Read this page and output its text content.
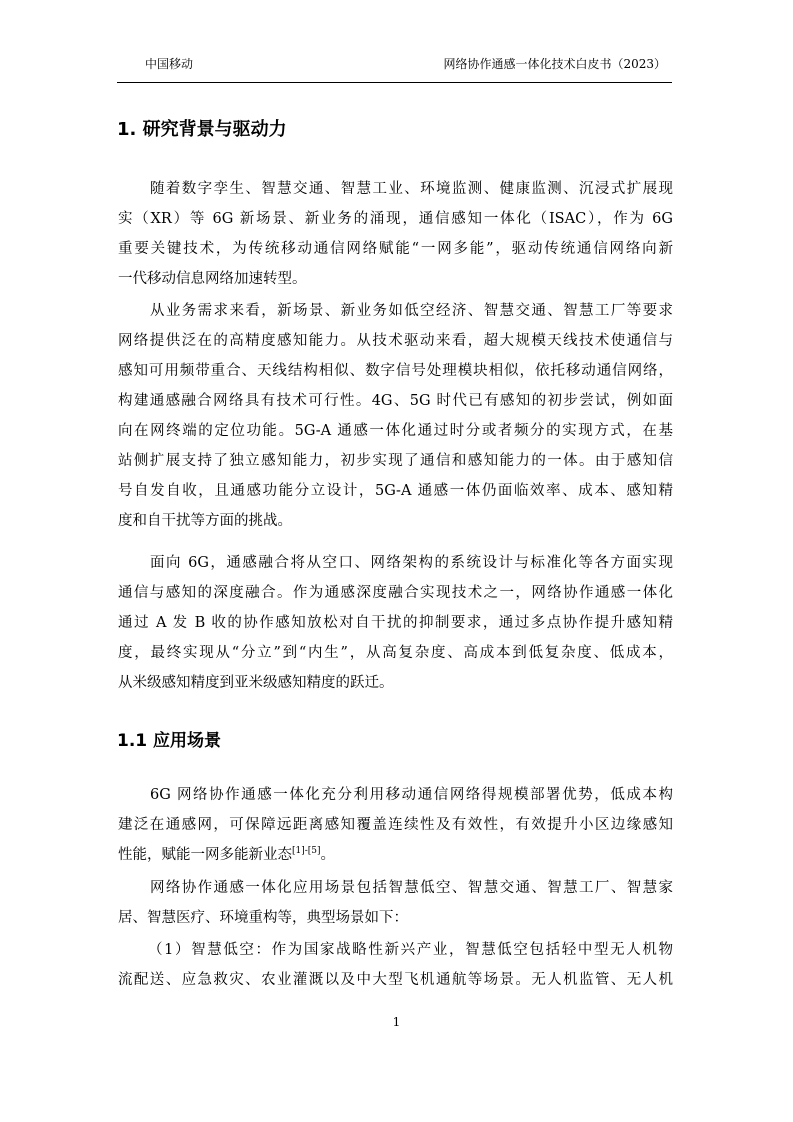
中国移动	网络协作通感一体化技术白皮书（2023）
1. 研究背景与驱动力
随着数字孪生、智慧交通、智慧工业、环境监测、健康监测、沉浸式扩展现
实（XR）等 6G 新场景、新业务的涌现，通信感知一体化（ISAC），作为 6G
重要关键技术，为传统移动通信网络赋能“一网多能”，驱动传统通信网络向新
一代移动信息网络加速转型。
从业务需求来看，新场景、新业务如低空经济、智慧交通、智慧工厂等要求
网络提供泛在的高精度感知能力。从技术驱动来看，超大规模天线技术使通信与
感知可用频带重合、天线结构相似、数字信号处理模块相似，依托移动通信网络，
构建通感融合网络具有技术可行性。4G、5G 时代已有感知的初步尝试，例如面
向在网终端的定位功能。5G-A 通感一体化通过时分或者频分的实现方式，在基
站侧扩展支持了独立感知能力，初步实现了通信和感知能力的一体。由于感知信
号自发自收，且通感功能分立设计，5G-A 通感一体仍面临效率、成本、感知精
度和自干扰等方面的挑战。
面向 6G，通感融合将从空口、网络架构的系统设计与标准化等各方面实现
通信与感知的深度融合。作为通感深度融合实现技术之一，网络协作通感一体化
通过 A 发 B 收的协作感知放松对自干扰的抑制要求，通过多点协作提升感知精
度，最终实现从“分立”到“内生”，从高复杂度、高成本到低复杂度、低成本，
从米级感知精度到亚米级感知精度的跃迁。
1.1 应用场景
6G 网络协作通感一体化充分利用移动通信网络得规模部署优势，低成本构
建泛在通感网，可保障远距离感知覆盖连续性及有效性，有效提升小区边缘感知
性能，赋能一网多能新业态[1]-[5]。
网络协作通感一体化应用场景包括智慧低空、智慧交通、智慧工厂、智慧家
居、智慧医疗、环境重构等，典型场景如下：
（1）智慧低空：作为国家战略性新兴产业，智慧低空包括轻中型无人机物
流配送、应急救灾、农业灌溉以及中大型飞机通航等场景。无人机监管、无人机
1
